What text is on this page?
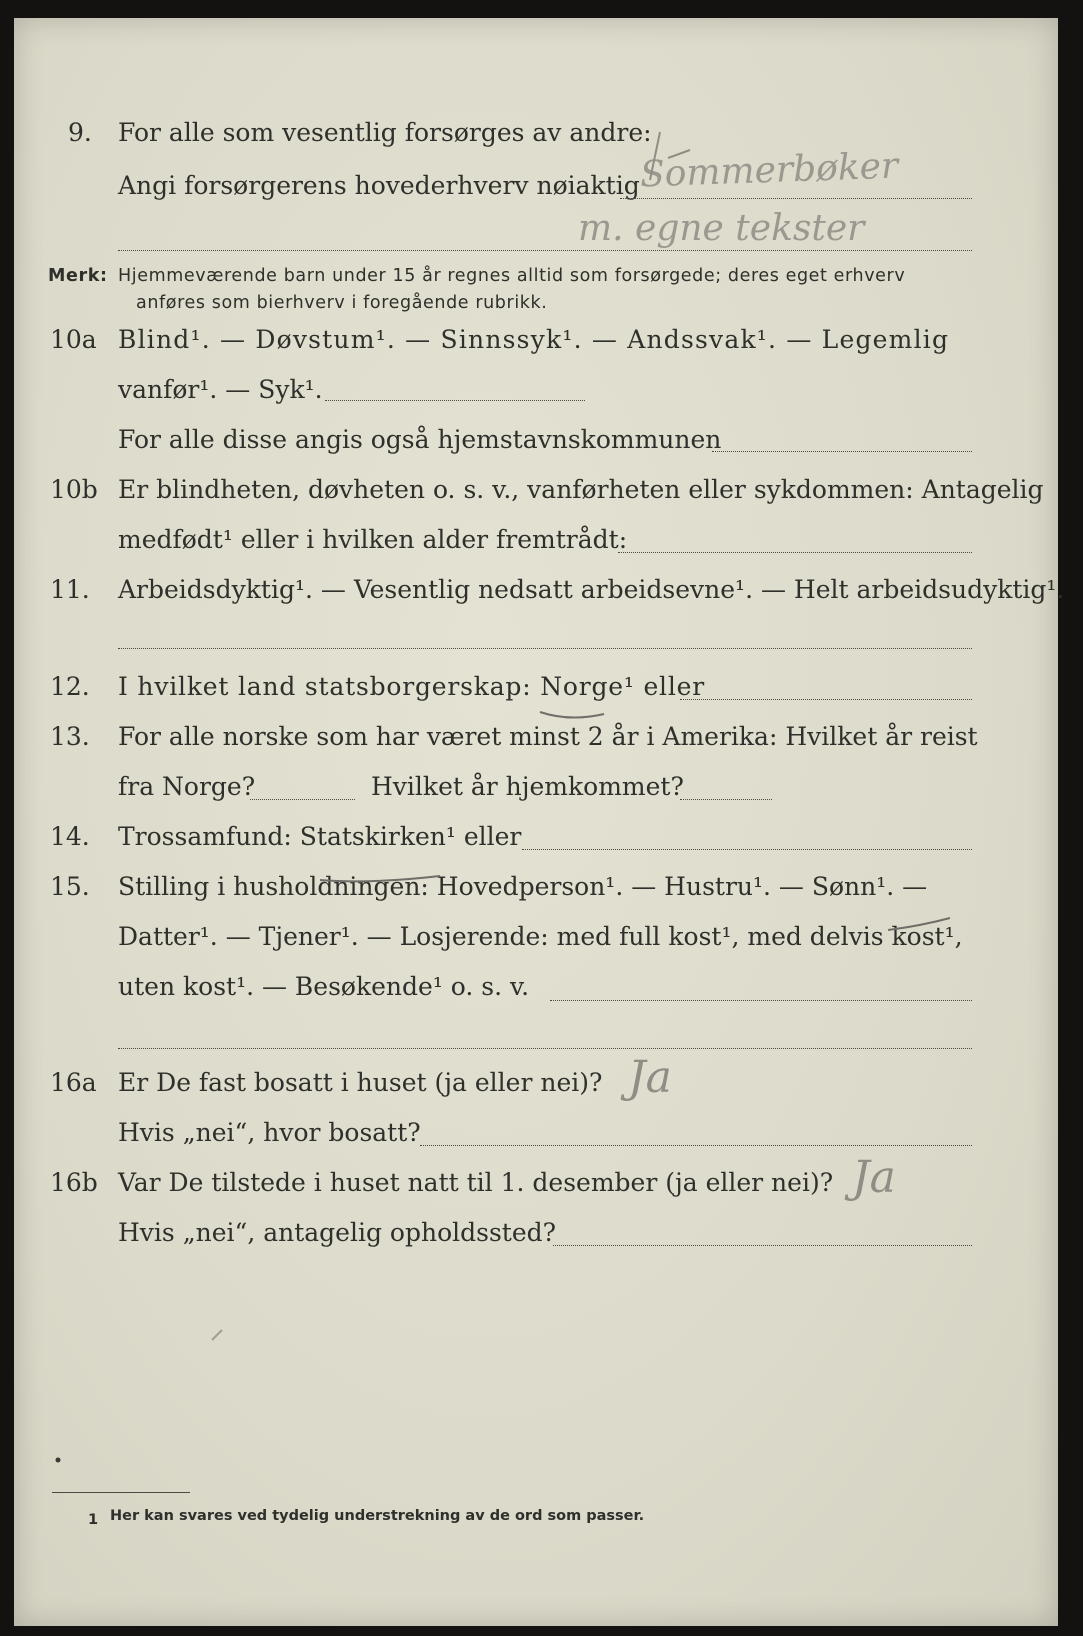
9. For alle som vesentlig forsørges av andre:
Angi forsørgerens hovederhverv nøiaktig Sommerbøker
m. egne tekster
Merk: Hjemmeværende barn under 15 år regnes alltid som forsørgede; deres eget erhverv
anføres som bierhverv i foregående rubrikk.
10a Blind¹. — Døvstum¹. — Sinnssyk¹. — Andssvak¹. — Legemlig
vanfør¹. — Syk¹.
For alle disse angis også hjemstavnskommunen
10b Er blindheten, døvheten o. s. v., vanførheten eller sykdommen: Antagelig
medfødt¹ eller i hvilken alder fremtrådt:
11. Arbeidsdyktig¹. — Vesentlig nedsatt arbeidsevne¹. — Helt arbeidsudyktig¹.
12. I hvilket land statsborgerskap: Norge¹ eller
13. For alle norske som har været minst 2 år i Amerika: Hvilket år reist
fra Norge?	Hvilket år hjemkommet?
14. Trossamfund: Statskirken¹ eller
15. Stilling i husholdningen: Hovedperson¹. — Hustru¹. — Sønn¹. —
Datter¹. — Tjener¹. — Losjerende: med full kost¹, med delvis kost¹,
uten kost¹. — Besøkende¹ o. s. v.
16a Er De fast bosatt i huset (ja eller nei)? Ja
Hvis „nei“, hvor bosatt?
16b Var De tilstede i huset natt til 1. desember (ja eller nei)? Ja
Hvis „nei“, antagelig opholdssted?
1 Her kan svares ved tydelig understrekning av de ord som passer.
